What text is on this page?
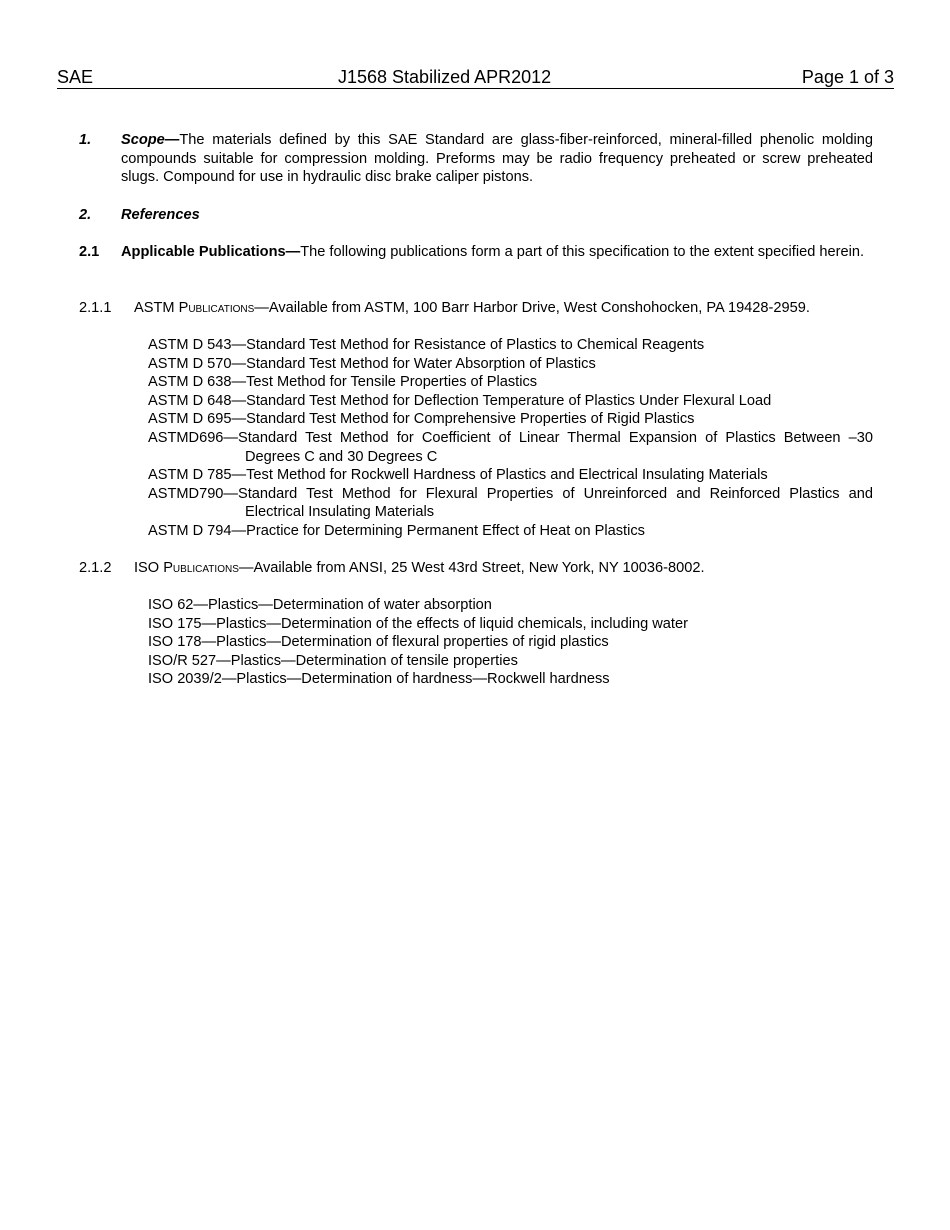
SAE	J1568 Stabilized APR2012	Page 1 of 3
1. Scope—The materials defined by this SAE Standard are glass-fiber-reinforced, mineral-filled phenolic molding compounds suitable for compression molding. Preforms may be radio frequency preheated or screw preheated slugs. Compound for use in hydraulic disc brake caliper pistons.
2. References
2.1 Applicable Publications—The following publications form a part of this specification to the extent specified herein.
2.1.1 ASTM Publications—Available from ASTM, 100 Barr Harbor Drive, West Conshohocken, PA 19428-2959.
ASTM D 543—Standard Test Method for Resistance of Plastics to Chemical Reagents
ASTM D 570—Standard Test Method for Water Absorption of Plastics
ASTM D 638—Test Method for Tensile Properties of Plastics
ASTM D 648—Standard Test Method for Deflection Temperature of Plastics Under Flexural Load
ASTM D 695—Standard Test Method for Comprehensive Properties of Rigid Plastics
ASTMD696—Standard Test Method for Coefficient of Linear Thermal Expansion of Plastics Between –30 Degrees C and 30 Degrees C
ASTM D 785—Test Method for Rockwell Hardness of Plastics and Electrical Insulating Materials
ASTMD790—Standard Test Method for Flexural Properties of Unreinforced and Reinforced Plastics and Electrical Insulating Materials
ASTM D 794—Practice for Determining Permanent Effect of Heat on Plastics
2.1.2 ISO Publications—Available from ANSI, 25 West 43rd Street, New York, NY 10036-8002.
ISO 62—Plastics—Determination of water absorption
ISO 175—Plastics—Determination of the effects of liquid chemicals, including water
ISO 178—Plastics—Determination of flexural properties of rigid plastics
ISO/R 527—Plastics—Determination of tensile properties
ISO 2039/2—Plastics—Determination of hardness—Rockwell hardness
